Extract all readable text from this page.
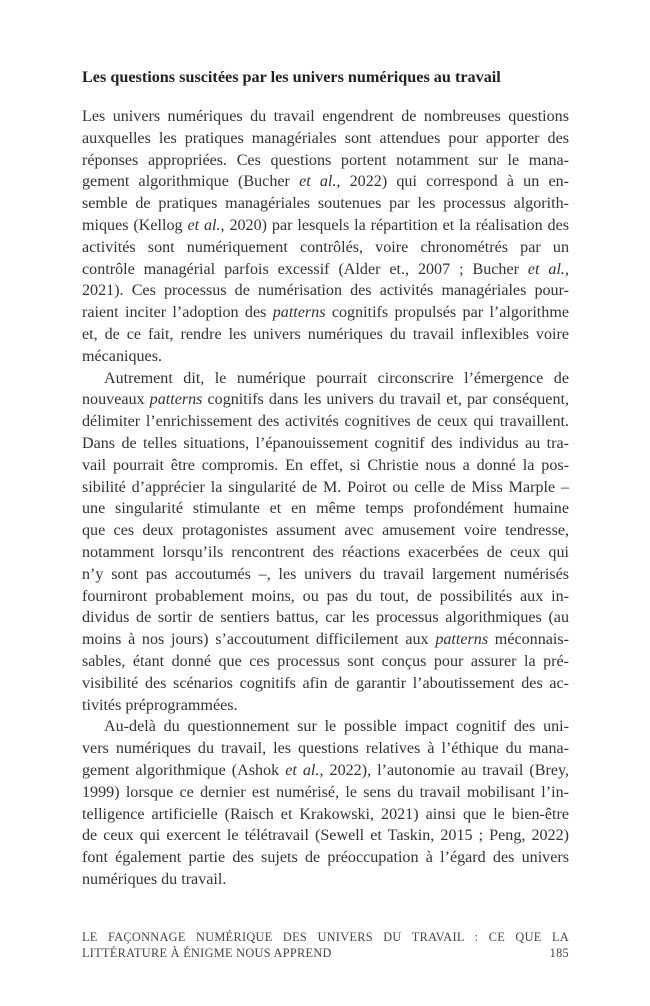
Les questions suscitées par les univers numériques au travail
Les univers numériques du travail engendrent de nombreuses questions
auxquelles les pratiques managériales sont attendues pour apporter des
réponses appropriées. Ces questions portent notamment sur le mana-
gement algorithmique (Bucher et al., 2022) qui correspond à un en-
semble de pratiques managériales soutenues par les processus algorith-
miques (Kellog et al., 2020) par lesquels la répartition et la réalisation des
activités sont numériquement contrôlés, voire chronométrés par un
contrôle managérial parfois excessif (Alder et., 2007 ; Bucher et al.,
2021). Ces processus de numérisation des activités managériales pour-
raient inciter l’adoption des patterns cognitifs propulsés par l’algorithme
et, de ce fait, rendre les univers numériques du travail inflexibles voire
mécaniques.
Autrement dit, le numérique pourrait circonscrire l’émergence de
nouveaux patterns cognitifs dans les univers du travail et, par conséquent,
délimiter l’enrichissement des activités cognitives de ceux qui travaillent.
Dans de telles situations, l’épanouissement cognitif des individus au tra-
vail pourrait être compromis. En effet, si Christie nous a donné la pos-
sibilité d’apprécier la singularité de M. Poirot ou celle de Miss Marple –
une singularité stimulante et en même temps profondément humaine
que ces deux protagonistes assument avec amusement voire tendresse,
notamment lorsqu’ils rencontrent des réactions exacerbées de ceux qui
n’y sont pas accoutumés –, les univers du travail largement numérisés
fourniront probablement moins, ou pas du tout, de possibilités aux in-
dividus de sortir de sentiers battus, car les processus algorithmiques (au
moins à nos jours) s’accoutument difficilement aux patterns méconnais-
sables, étant donné que ces processus sont conçus pour assurer la pré-
visibilité des scénarios cognitifs afin de garantir l’aboutissement des ac-
tivités préprogrammées.
Au-delà du questionnement sur le possible impact cognitif des uni-
vers numériques du travail, les questions relatives à l’éthique du mana-
gement algorithmique (Ashok et al., 2022), l’autonomie au travail (Brey,
1999) lorsque ce dernier est numérisé, le sens du travail mobilisant l’in-
telligence artificielle (Raisch et Krakowski, 2021) ainsi que le bien-être
de ceux qui exercent le télétravail (Sewell et Taskin, 2015 ; Peng, 2022)
font également partie des sujets de préoccupation à l’égard des univers
numériques du travail.
LE FAÇONNAGE NUMÉRIQUE DES UNIVERS DU TRAVAIL : CE QUE LA
LITTÉRATURE À ÉNIGME NOUS APPREND	185
